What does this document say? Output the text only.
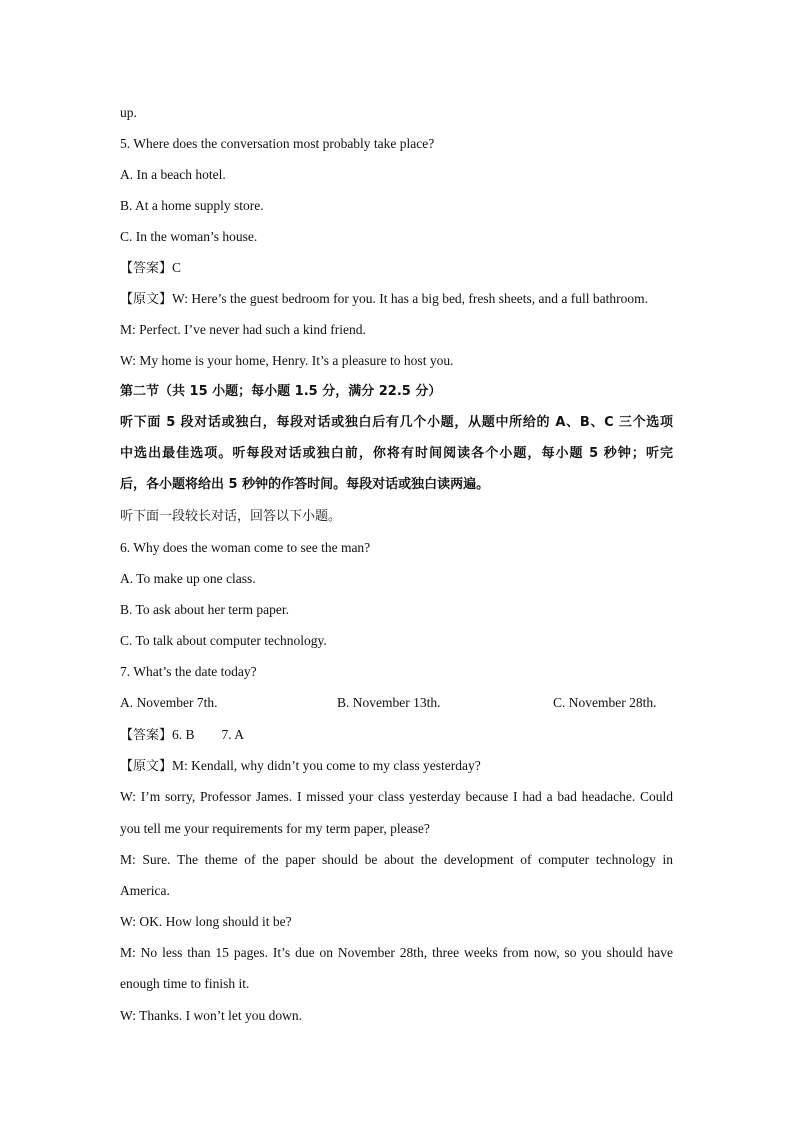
up.
5. Where does the conversation most probably take place?
A. In a beach hotel.
B. At a home supply store.
C. In the woman’s house.
【答案】C
【原文】W: Here’s the guest bedroom for you. It has a big bed, fresh sheets, and a full bathroom.
M: Perfect. I’ve never had such a kind friend.
W: My home is your home, Henry. It’s a pleasure to host you.
第二节（共 15 小题；每小题 1.5 分，满分 22.5 分）
听下面 5 段对话或独白，每段对话或独白后有几个小题，从题中所给的 A、B、C 三个选项
中选出最佳选项。听每段对话或独白前，你将有时间阅读各个小题，每小题 5 秒钟；听完
后，各小题将给出 5 秒钟的作答时间。每段对话或独白读两遍。
听下面一段较长对话，回答以下小题。
6. Why does the woman come to see the man?
A. To make up one class.
B. To ask about her term paper.
C. To talk about computer technology.
7. What’s the date today?
A. November 7th.	B. November 13th.	C. November 28th.
【答案】6. B        7. A
【原文】M: Kendall, why didn’t you come to my class yesterday?
W: I’m sorry, Professor James. I missed your class yesterday because I had a bad headache. Could
you tell me your requirements for my term paper, please?
M: Sure. The theme of the paper should be about the development of computer technology in
America.
W: OK. How long should it be?
M: No less than 15 pages. It’s due on November 28th, three weeks from now, so you should have
enough time to finish it.
W: Thanks. I won’t let you down.
